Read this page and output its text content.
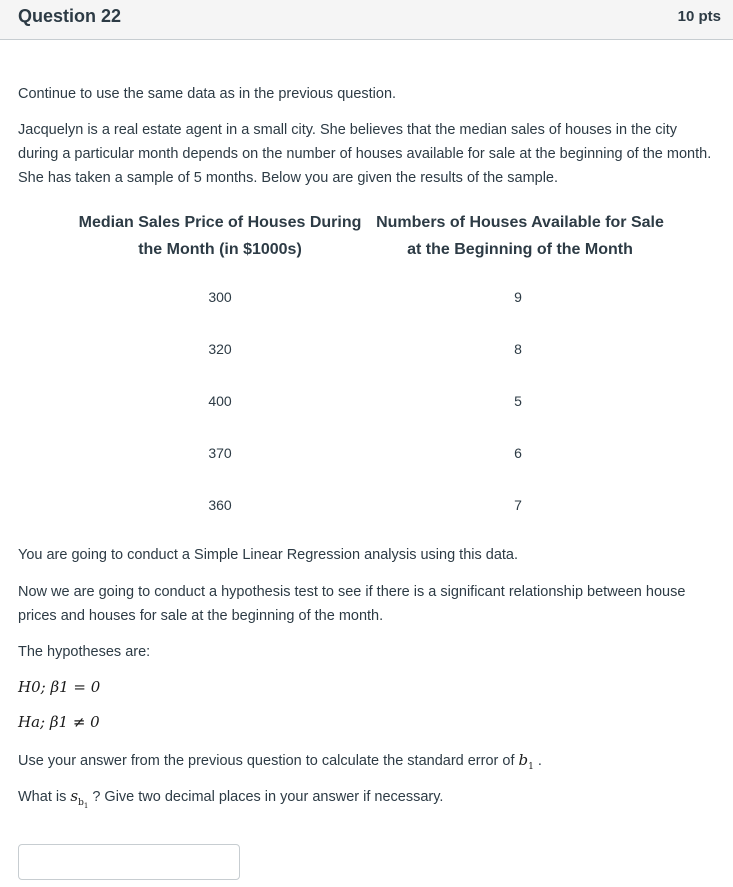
Question 22	10 pts

Continue to use the same data as in the previous question.

Jacquelyn is a real estate agent in a small city. She believes that the median sales of houses in the city during a particular month depends on the number of houses available for sale at the beginning of the month. She has taken a sample of 5 months. Below you are given the results of the sample.

Median Sales Price of Houses During the Month (in $1000s)
Numbers of Houses Available for Sale at the Beginning of the Month
300	9
320	8
400	5
370	6
360	7

You are going to conduct a Simple Linear Regression analysis using this data.

Now we are going to conduct a hypothesis test to see if there is a significant relationship between house prices and houses for sale at the beginning of the month.

The hypotheses are:

H0; β1 = 0
Ha; β1 ≠ 0

Use your answer from the previous question to calculate the standard error of $b_1$ .

What is $s_{b_1}$ ? Give two decimal places in your answer if necessary.
